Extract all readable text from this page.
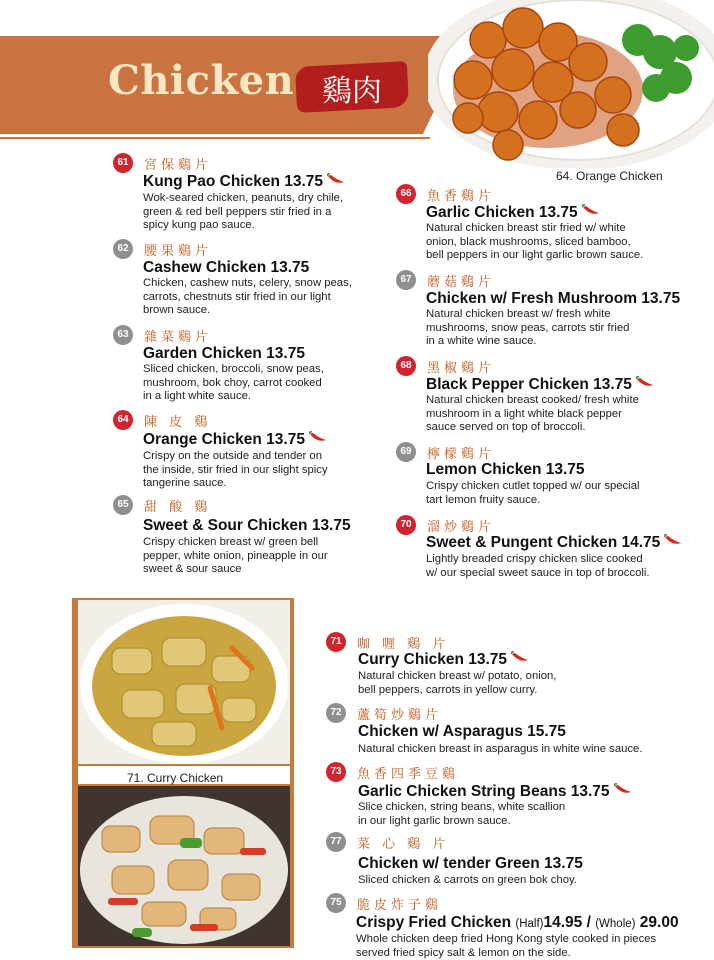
Chicken 鷄肉
64. Orange Chicken
71. Curry Chicken
61	宮保鷄片
Kung Pao Chicken 13.75
Wok-seared chicken, peanuts, dry chile,
green & red bell peppers stir fried in a
spicy kung pao sauce.
62	腰果鷄片
Cashew Chicken 13.75
Chicken, cashew nuts, celery, snow peas,
carrots, chestnuts stir fried in our light
brown sauce.
63	雜菜鷄片
Garden Chicken 13.75
Sliced chicken, broccoli, snow peas,
mushroom, bok choy, carrot cooked
in a light white sauce.
64	陳 皮 鷄
Orange Chicken 13.75
Crispy on the outside and tender on
the inside, stir fried in our slight spicy
tangerine sauce.
65	甜 酸 鷄
Sweet & Sour Chicken 13.75
Crispy chicken breast w/ green bell
pepper, white onion, pineapple in our
sweet & sour sauce
66	魚香鷄片
Garlic Chicken 13.75
Natural chicken breast stir fried w/ white
onion, black mushrooms, sliced bamboo,
bell peppers in our light garlic brown sauce.
67	蘑菇鷄片
Chicken w/ Fresh Mushroom 13.75
Natural chicken breast w/ fresh white
mushrooms, snow peas, carrots stir fried
in a white wine sauce.
68	黑椒鷄片
Black Pepper Chicken 13.75
Natural chicken breast cooked/ fresh white
mushroom in a light white black pepper
sauce served on top of broccoli.
69	檸檬鷄片
Lemon Chicken 13.75
Crispy chicken cutlet topped w/ our special
tart lemon fruity sauce.
70	溜炒鷄片
Sweet & Pungent Chicken 14.75
Lightly breaded crispy chicken slice cooked
w/ our special sweet sauce in top of broccoli.
71	咖 喱 鷄 片
Curry Chicken 13.75
Natural chicken breast w/ potato, onion,
bell peppers, carrots in yellow curry.
72	蘆筍炒鷄片
Chicken w/ Asparagus 15.75
Natural chicken breast in asparagus in white wine sauce.
73	魚香四季豆鷄
Garlic Chicken String Beans 13.75
Slice chicken, string beans, white scallion
in our light garlic brown sauce.
77	菜 心 鷄 片
Chicken w/ tender Green 13.75
Sliced chicken & carrots on green bok choy.
75	脆皮炸子鷄
Crispy Fried Chicken (Half)14.95 / (Whole) 29.00
Whole chicken deep fried Hong Kong style cooked in pieces
served fried spicy salt & lemon on the side.
